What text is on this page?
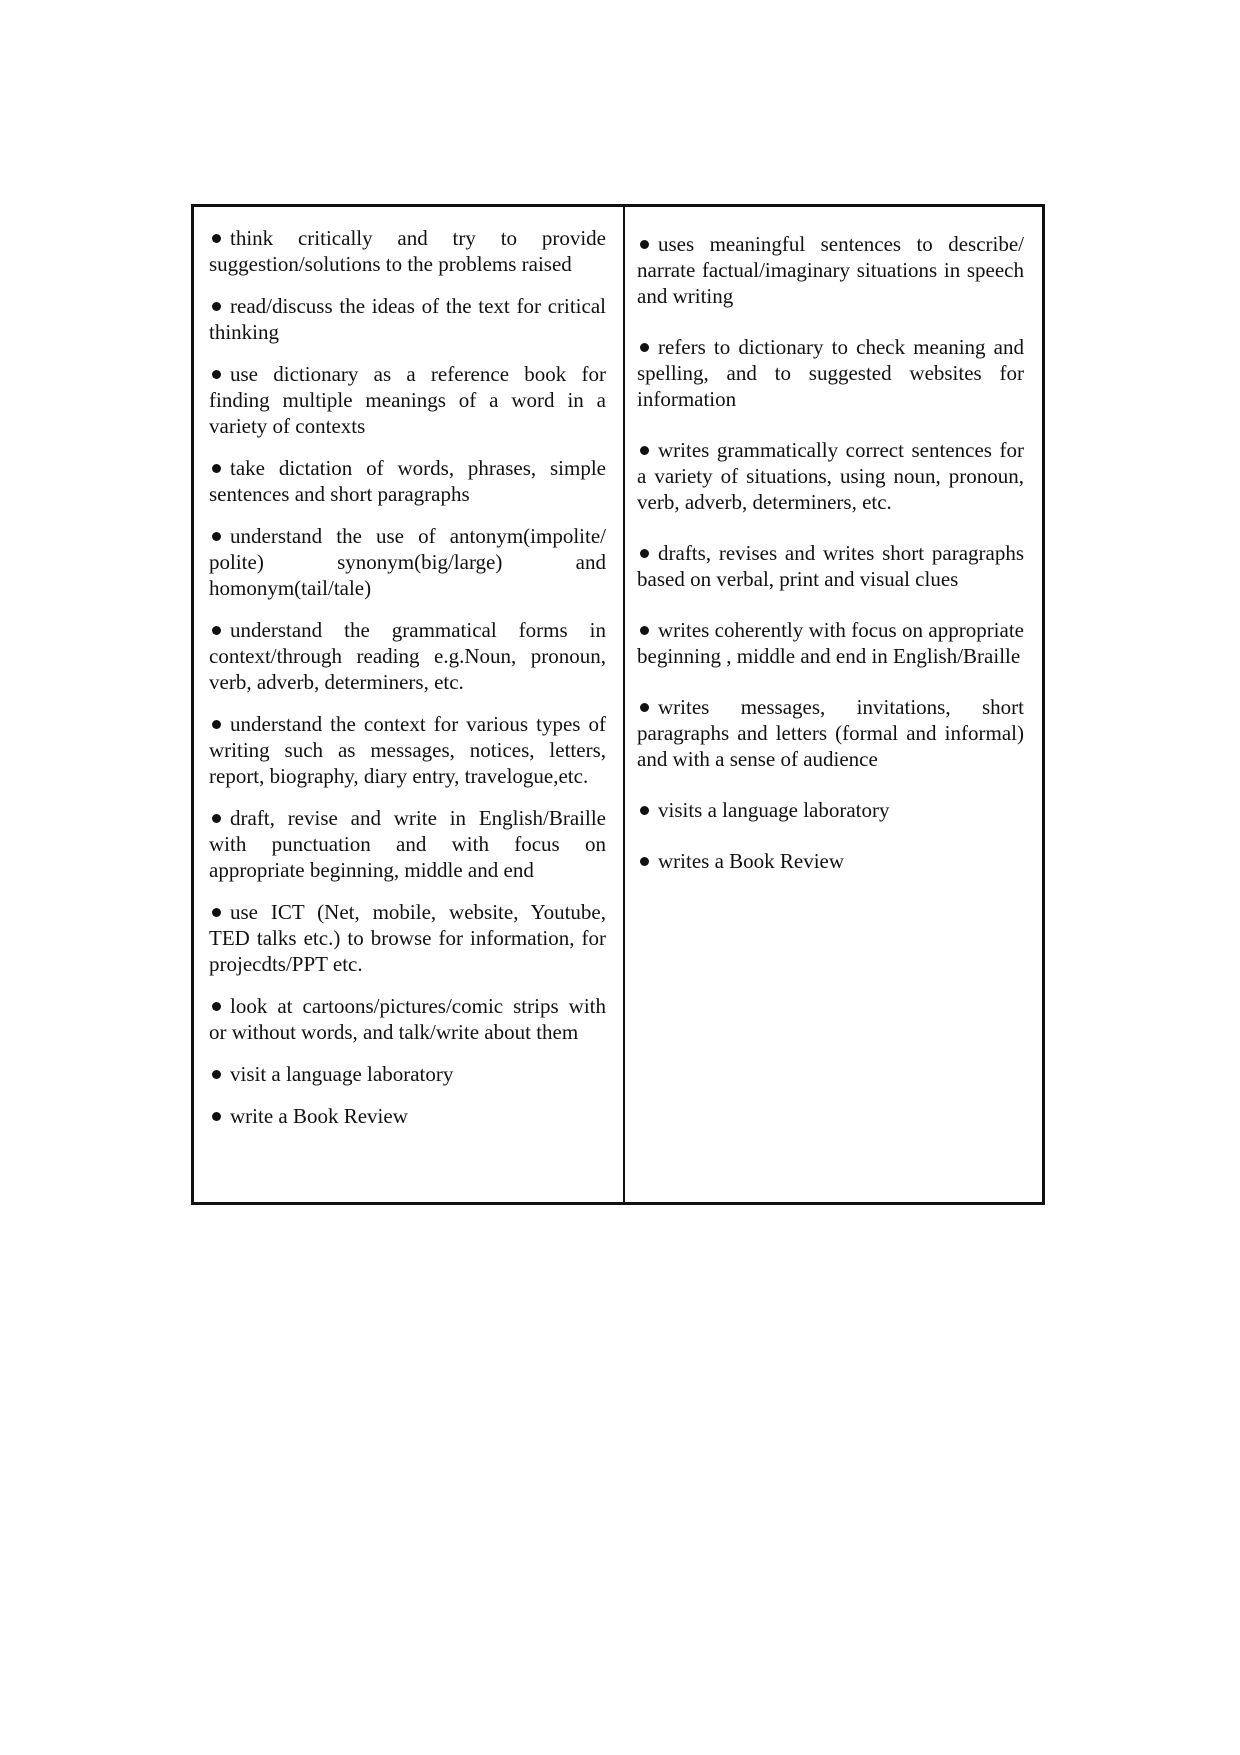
think critically and try to provide suggestion/solutions to the problems raised

read/discuss the ideas of the text for critical thinking

use dictionary as a reference book for finding multiple meanings of a word in a variety of contexts

take dictation of words, phrases, simple sentences and short paragraphs

understand the use of antonym(impolite/ polite) synonym(big/large) and homonym(tail/tale)

understand the grammatical forms in context/through reading e.g.Noun, pronoun, verb, adverb, determiners, etc.

understand the context for various types of writing such as messages, notices, letters, report, biography, diary entry, travelogue,etc.

draft, revise and write in English/Braille with punctuation and with focus on appropriate beginning, middle and end

use ICT (Net, mobile, website, Youtube, TED talks etc.) to browse for information, for projecdts/PPT etc.

look at cartoons/pictures/comic strips with or without words, and talk/write about them

visit a language laboratory

write a Book Review

uses meaningful sentences to describe/ narrate factual/imaginary situations in speech and writing

refers to dictionary to check meaning and spelling, and to suggested websites for information

writes grammatically correct sentences for a variety of situations, using noun, pronoun, verb, adverb, determiners, etc.

drafts, revises and writes short paragraphs based on verbal, print and visual clues

writes coherently with focus on appropriate beginning , middle and end in English/Braille

writes messages, invitations, short paragraphs and letters (formal and informal) and with a sense of audience

visits a language laboratory

writes a Book Review
